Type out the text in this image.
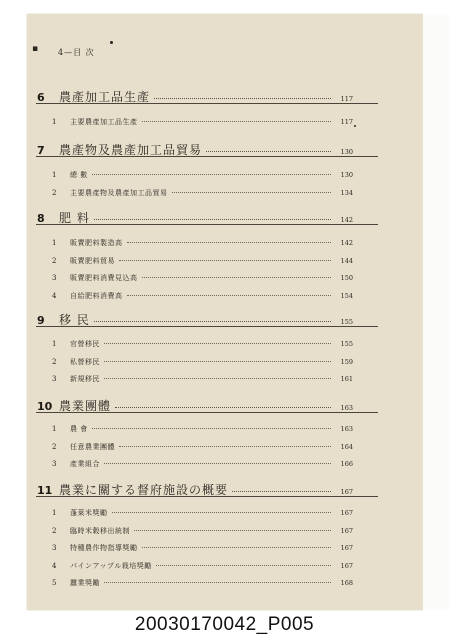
▪	4—目 次
6	農產加工品生產	117
1	主要農產加工品生產	117
7	農產物及農產加工品貿易	130
1	總 數	130
2	主要農產物及農產加工品貿易	134
8	肥 料	142
1	販賣肥料製造高	142
2	販賣肥料貿易	144
3	販賣肥料消費見込高	150
4	自給肥料消費高	154
9	移 民	155
1	官營移民	155
2	私營移民	159
3	新規移民	161
10 農業團體	163
1	農 會	163
2	任意農業團體	164
3	產業組合	166
11 農業に關する督府施設の概要	167
1	蓬萊米獎勵	167
2	臨時米穀移出統制	167
3	特種農作物指導獎勵	167
4	パインアップル栽培獎勵	167
5	蠶業獎勵	168
20030170042_P005
